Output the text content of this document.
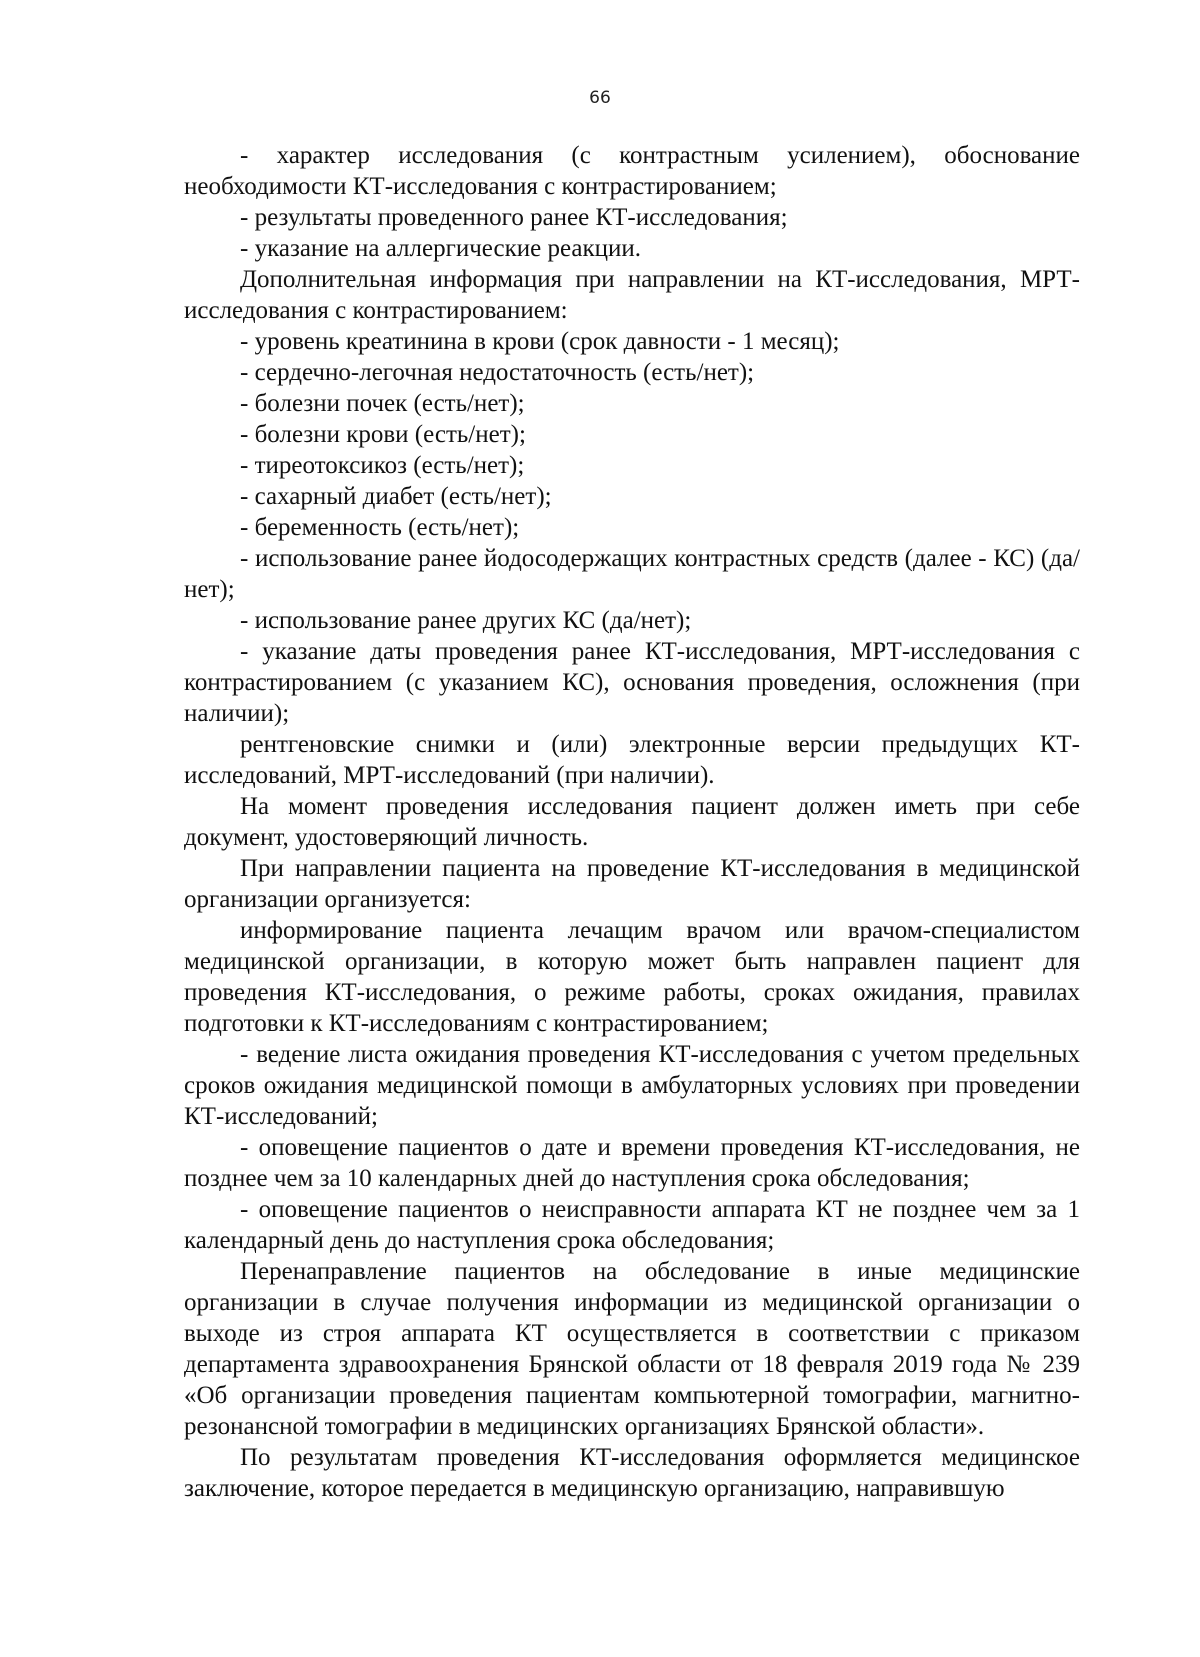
66

- характер исследования (с контрастным усилением), обоснование необходимости КТ-исследования с контрастированием;

- результаты проведенного ранее КТ-исследования;

- указание на аллергические реакции.

Дополнительная информация при направлении на КТ-исследования, МРТ-исследования с контрастированием:

- уровень креатинина в крови (срок давности - 1 месяц);

- сердечно-легочная недостаточность (есть/нет);

- болезни почек (есть/нет);

- болезни крови (есть/нет);

- тиреотоксикоз (есть/нет);

- сахарный диабет (есть/нет);

- беременность (есть/нет);

- использование ранее йодосодержащих контрастных средств (далее - КС) (да/нет);

- использование ранее других КС (да/нет);

- указание даты проведения ранее КТ-исследования, МРТ-исследования с контрастированием (с указанием КС), основания проведения, осложнения (при наличии);

рентгеновские снимки и (или) электронные версии предыдущих КТ-исследований, МРТ-исследований (при наличии).

На момент проведения исследования пациент должен иметь при себе документ, удостоверяющий личность.

При направлении пациента на проведение КТ-исследования в медицинской организации организуется:

информирование пациента лечащим врачом или врачом-специалистом медицинской организации, в которую может быть направлен пациент для проведения КТ-исследования, о режиме работы, сроках ожидания, правилах подготовки к КТ-исследованиям с контрастированием;

- ведение листа ожидания проведения КТ-исследования с учетом предельных сроков ожидания медицинской помощи в амбулаторных условиях при проведении КТ-исследований;

- оповещение пациентов о дате и времени проведения КТ-исследования, не позднее чем за 10 календарных дней до наступления срока обследования;

- оповещение пациентов о неисправности аппарата КТ не позднее чем за 1 календарный день до наступления срока обследования;

Перенаправление пациентов на обследование в иные медицинские организации в случае получения информации из медицинской организации о выходе из строя аппарата КТ осуществляется в соответствии с приказом департамента здравоохранения Брянской области от 18 февраля 2019 года № 239 «Об организации проведения пациентам компьютерной томографии, магнитно-резонансной томографии в медицинских организациях Брянской области».

По результатам проведения КТ-исследования оформляется медицинское заключение, которое передается в медицинскую организацию, направившую
